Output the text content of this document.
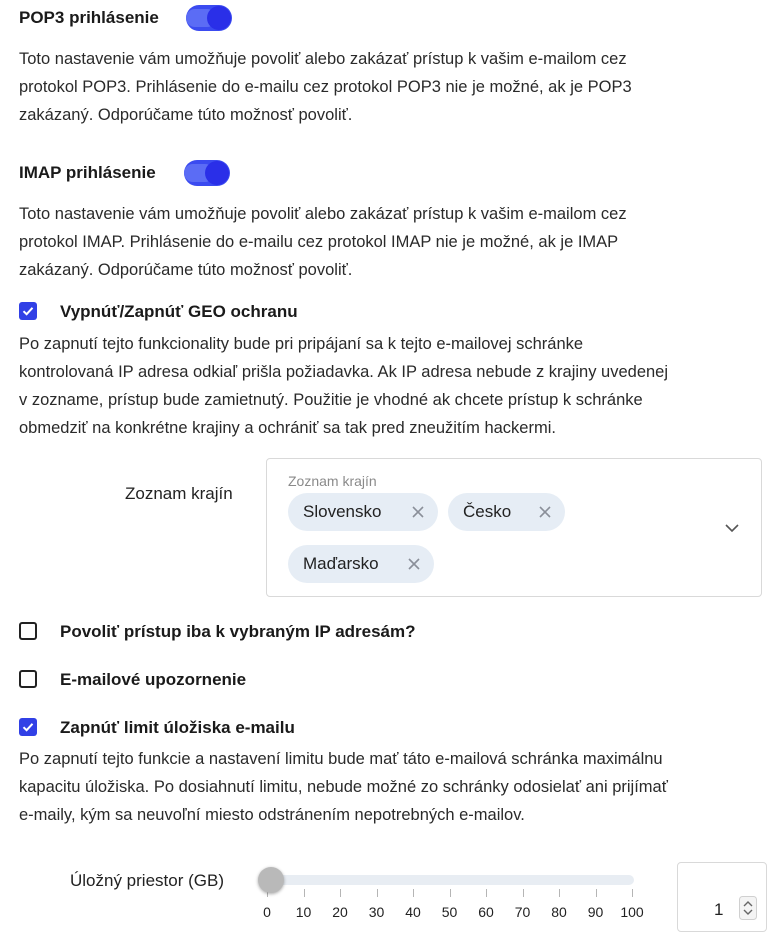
POP3 prihlásenie
Toto nastavenie vám umožňuje povoliť alebo zakázať prístup k vašim e-mailom cez
protokol POP3. Prihlásenie do e-mailu cez protokol POP3 nie je možné, ak je POP3
zakázaný. Odporúčame túto možnosť povoliť.
IMAP prihlásenie
Toto nastavenie vám umožňuje povoliť alebo zakázať prístup k vašim e-mailom cez
protokol IMAP. Prihlásenie do e-mailu cez protokol IMAP nie je možné, ak je IMAP
zakázaný. Odporúčame túto možnosť povoliť.
Vypnúť/Zapnúť GEO ochranu
Po zapnutí tejto funkcionality bude pri pripájaní sa k tejto e-mailovej schránke
kontrolovaná IP adresa odkiaľ prišla požiadavka. Ak IP adresa nebude z krajiny uvedenej
v zozname, prístup bude zamietnutý. Použitie je vhodné ak chcete prístup k schránke
obmedziť na konkrétne krajiny a ochrániť sa tak pred zneužitím hackermi.
Zoznam krajín
Zoznam krajín
Slovensko	Česko
Maďarsko
Povoliť prístup iba k vybraným IP adresám?
E-mailové upozornenie
Zapnúť limit úložiska e-mailu
Po zapnutí tejto funkcie a nastavení limitu bude mať táto e-mailová schránka maximálnu
kapacitu úložiska. Po dosiahnutí limitu, nebude možné zo schránky odosielať ani prijímať
e-maily, kým sa neuvoľní miesto odstránením nepotrebných e-mailov.
Úložný priestor (GB)
0 10 20 30 40 50 60 70 80 90 100	1
